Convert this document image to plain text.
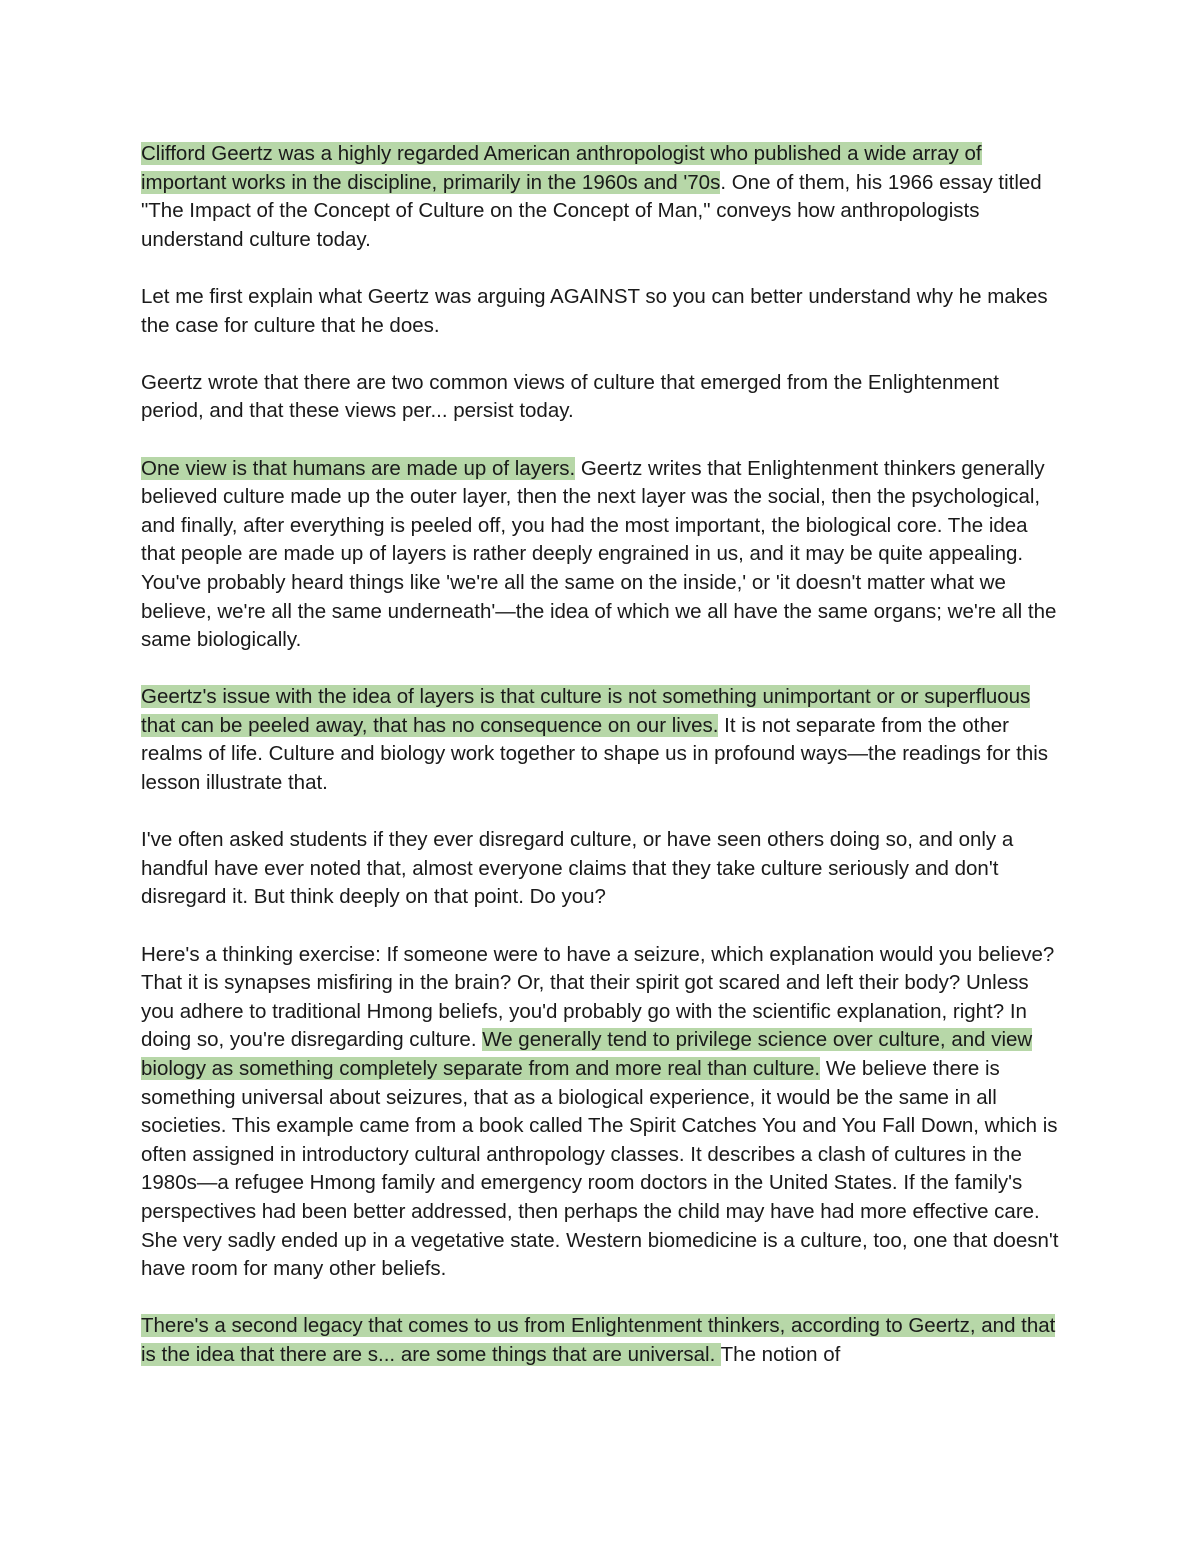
Clifford Geertz was a highly regarded American anthropologist who published a wide array of important works in the discipline, primarily in the 1960s and '70s. One of them, his 1966 essay titled "The Impact of the Concept of Culture on the Concept of Man," conveys how anthropologists understand culture today.

Let me first explain what Geertz was arguing AGAINST so you can better understand why he makes the case for culture that he does.

Geertz wrote that there are two common views of culture that emerged from the Enlightenment period, and that these views per... persist today.

One view is that humans are made up of layers. Geertz writes that Enlightenment thinkers generally believed culture made up the outer layer, then the next layer was the social, then the psychological, and finally, after everything is peeled off, you had the most important, the biological core. The idea that people are made up of layers is rather deeply engrained in us, and it may be quite appealing. You've probably heard things like 'we're all the same on the inside,' or 'it doesn't matter what we believe, we're all the same underneath'—the idea of which we all have the same organs; we're all the same biologically.

Geertz's issue with the idea of layers is that culture is not something unimportant or or superfluous that can be peeled away, that has no consequence on our lives. It is not separate from the other realms of life. Culture and biology work together to shape us in profound ways—the readings for this lesson illustrate that.

I've often asked students if they ever disregard culture, or have seen others doing so, and only a handful have ever noted that, almost everyone claims that they take culture seriously and don't disregard it. But think deeply on that point. Do you?

Here's a thinking exercise: If someone were to have a seizure, which explanation would you believe? That it is synapses misfiring in the brain? Or, that their spirit got scared and left their body? Unless you adhere to traditional Hmong beliefs, you'd probably go with the scientific explanation, right? In doing so, you're disregarding culture. We generally tend to privilege science over culture, and view biology as something completely separate from and more real than culture. We believe there is something universal about seizures, that as a biological experience, it would be the same in all societies. This example came from a book called The Spirit Catches You and You Fall Down, which is often assigned in introductory cultural anthropology classes. It describes a clash of cultures in the 1980s—a refugee Hmong family and emergency room doctors in the United States. If the family's perspectives had been better addressed, then perhaps the child may have had more effective care. She very sadly ended up in a vegetative state. Western biomedicine is a culture, too, one that doesn't have room for many other beliefs.

There's a second legacy that comes to us from Enlightenment thinkers, according to Geertz, and that is the idea that there are s... are some things that are universal. The notion of
